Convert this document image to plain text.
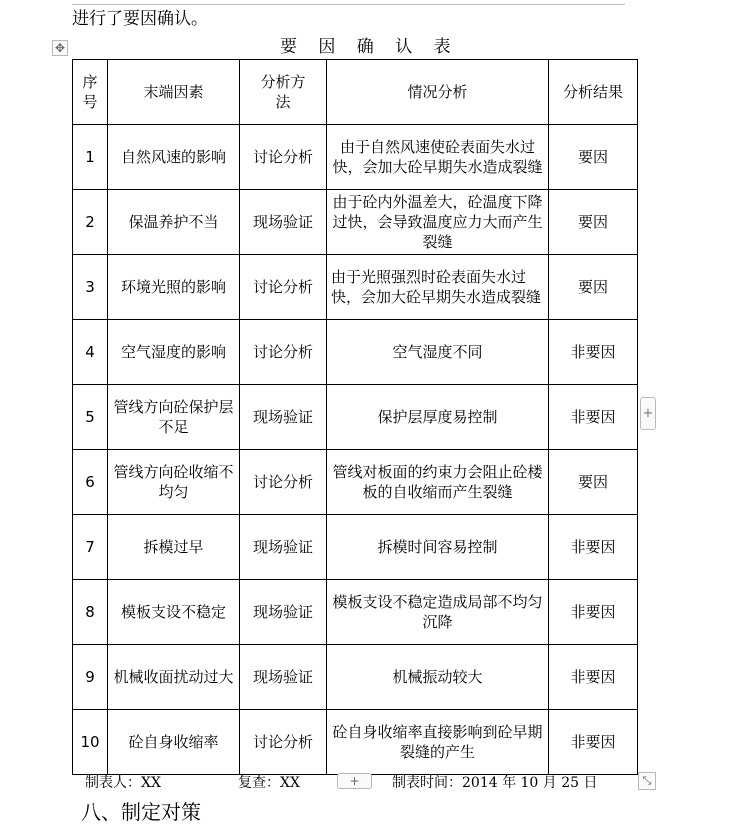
进行了要因确认。
✥	要 因 确 认 表
序号	末端因素	分析方法	情况分析	分析结果
1	自然风速的影响	讨论分析	由于自然风速使砼表面失水过快，会加大砼早期失水造成裂缝	要因
2	保温养护不当	现场验证	由于砼内外温差大，砼温度下降过快，会导致温度应力大而产生裂缝	要因
3	环境光照的影响	讨论分析	由于光照强烈时砼表面失水过快，会加大砼早期失水造成裂缝	要因
4	空气湿度的影响	讨论分析	空气湿度不同	非要因
5	管线方向砼保护层不足	现场验证	保护层厚度易控制	非要因
6	管线方向砼收缩不均匀	讨论分析	管线对板面的约束力会阻止砼楼板的自收缩而产生裂缝	要因
7	拆模过早	现场验证	拆模时间容易控制	非要因
8	模板支设不稳定	现场验证	模板支设不稳定造成局部不均匀沉降	非要因
9	机械收面扰动过大	现场验证	机械振动较大	非要因
10	砼自身收缩率	讨论分析	砼自身收缩率直接影响到砼早期裂缝的产生	非要因
+
制表人：XX	复查：XX	制表时间：2014 年 10 月 25 日
+	⤡
八、制定对策
